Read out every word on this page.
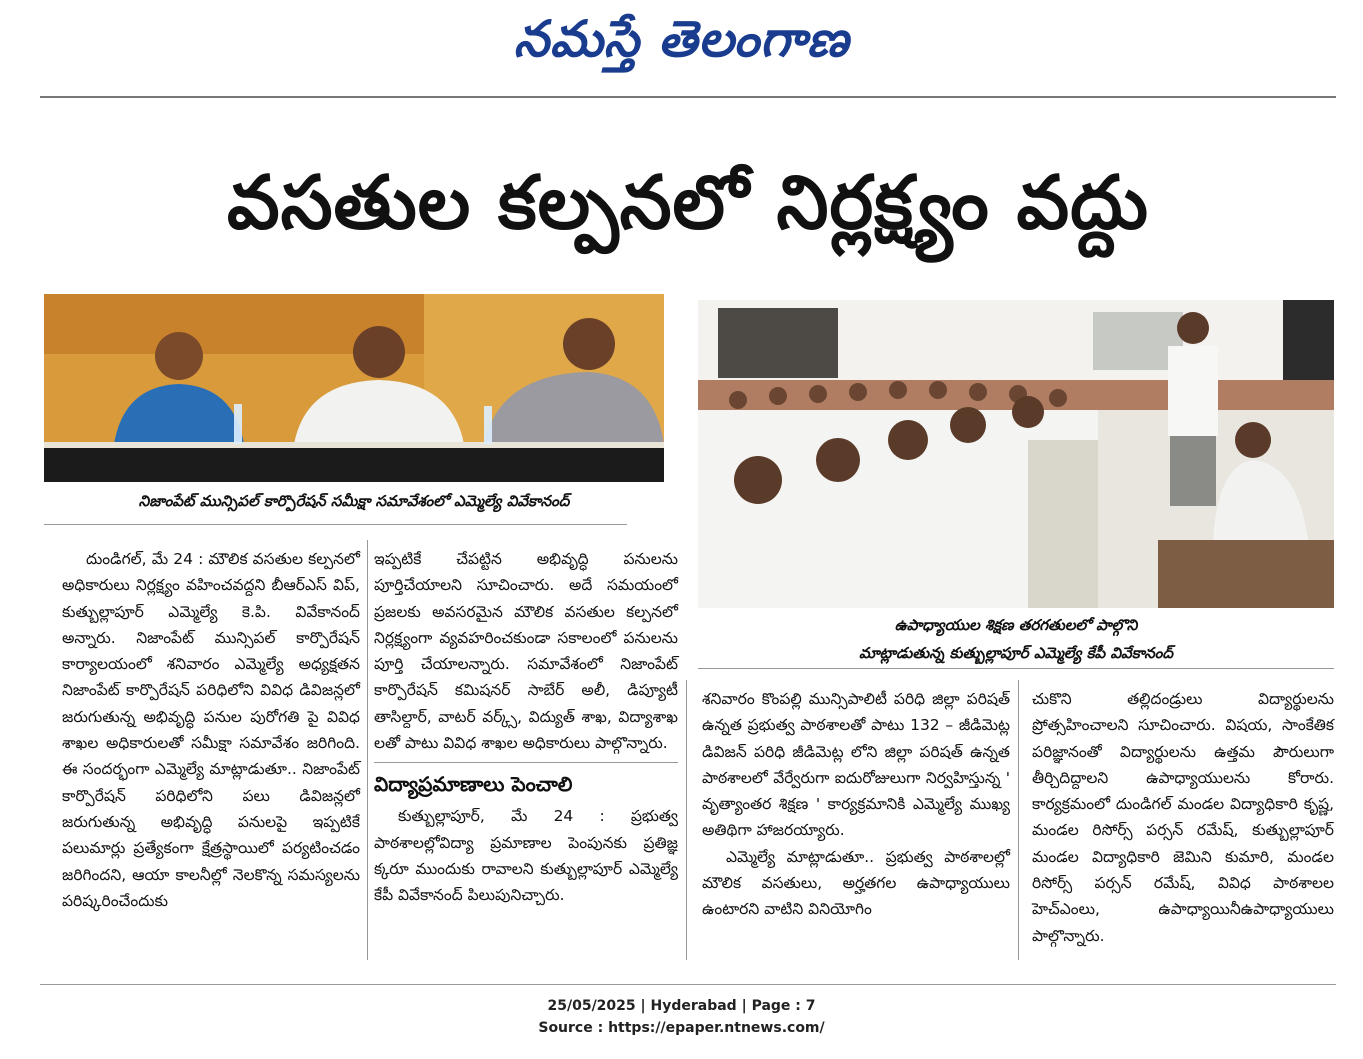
నమస్తే తెలంగాణ
వసతుల కల్పనలో నిర్లక్ష్యం వద్దు
నిజాంపేట్ మున్సిపల్ కార్పొరేషన్ సమీక్షా సమావేశంలో ఎమ్మెల్యే వివేకానంద్
ఉపాధ్యాయుల శిక్షణ తరగతులలో పాల్గొని
మాట్లాడుతున్న కుత్బుల్లాపూర్ ఎమ్మెల్యే కేపీ వివేకానంద్

దుండిగల్, మే 24 : మౌలిక వసతుల కల్పనలో అధికారులు నిర్లక్ష్యం వహించవద్దని బీఆర్ఎస్ విప్, కుత్బుల్లాపూర్ ఎమ్మెల్యే కె.పి. వివేకానంద్ అన్నారు. నిజాంపేట్ మున్సిపల్ కార్పొరేషన్ కార్యాలయంలో శనివారం ఎమ్మెల్యే అధ్యక్షతన నిజాంపేట్ కార్పొరేషన్ పరిధిలోని వివిధ డివిజన్లలో జరుగుతున్న అభివృద్ధి పనుల పురోగతి పై వివిధ శాఖల అధికారులతో సమీక్షా సమావేశం జరిగింది. ఈ సందర్భంగా ఎమ్మెల్యే మాట్లాడుతూ.. నిజాంపేట్ కార్పొరేషన్ పరిధిలోని పలు డివిజన్లలో జరుగుతున్న అభివృద్ధి పనులపై ఇప్పటికే పలుమార్లు ప్రత్యేకంగా క్షేత్రస్థాయిలో పర్యటించడం జరిగిందని, ఆయా కాలనీల్లో నెలకొన్న సమస్యలను పరిష్కరించేందుకు

ఇప్పటికే చేపట్టిన అభివృద్ధి పనులను పూర్తిచేయాలని సూచించారు. అదే సమయంలో ప్రజలకు అవసరమైన మౌలిక వసతుల కల్పనలో నిర్లక్ష్యంగా వ్యవహరించకుండా సకాలంలో పనులను పూర్తి చేయాలన్నారు. సమావేశంలో నిజాంపేట్ కార్పొరేషన్ కమిషనర్ సాబేర్ అలీ, డిప్యూటీ తాసిల్దార్, వాటర్ వర్క్స్, విద్యుత్ శాఖ, విద్యాశాఖ లతో పాటు వివిధ శాఖల అధికారులు పాల్గొన్నారు.

విద్యాప్రమాణాలు పెంచాలి

కుత్బుల్లాపూర్, మే 24 : ప్రభుత్వ పాఠశాలల్లోవిద్యా ప్రమాణాల పెంపునకు ప్రతిజ్ఞ క్కరూ ముందుకు రావాలని కుత్బుల్లాపూర్ ఎమ్మెల్యే కేపీ వివేకానంద్ పిలుపునిచ్చారు.

శనివారం కొంపల్లి మున్సిపాలిటీ పరిధి జిల్లా పరిషత్ ఉన్నత ప్రభుత్వ పాఠశాలతో పాటు 132 – జీడిమెట్ల డివిజన్ పరిధి జీడిమెట్ల లోని జిల్లా పరిషత్ ఉన్నత పాఠశాలలో వేర్వేరుగా ఐదురోజులుగా నిర్వహిస్తున్న ' వృత్యాంతర శిక్షణ ' కార్యక్రమానికి ఎమ్మెల్యే ముఖ్య అతిథిగా హాజరయ్యారు.

ఎమ్మెల్యే మాట్లాడుతూ.. ప్రభుత్వ పాఠశాలల్లో మౌలిక వసతులు, అర్హతగల ఉపాధ్యాయులు ఉంటారని వాటిని వినియోగిం

చుకొని తల్లిదండ్రులు విద్యార్థులను ప్రోత్సహించాలని సూచించారు. విషయ, సాంకేతిక పరిజ్ఞానంతో విద్యార్థులను ఉత్తమ పౌరులుగా తీర్చిదిద్దాలని ఉపాధ్యాయులను కోరారు. కార్యక్రమంలో దుండిగల్ మండల విద్యాధికారి కృష్ణ, మండల రిసోర్స్ పర్సన్ రమేష్, కుత్బుల్లాపూర్ మండల విద్యాధికారి జెమిని కుమారి, మండల రిసోర్స్ పర్సన్ రమేష్, వివిధ పాఠశాలల హెచ్ఎంలు, ఉపాధ్యాయినీఉపాధ్యాయులు పాల్గొన్నారు.

25/05/2025 | Hyderabad | Page : 7
Source : https://epaper.ntnews.com/
